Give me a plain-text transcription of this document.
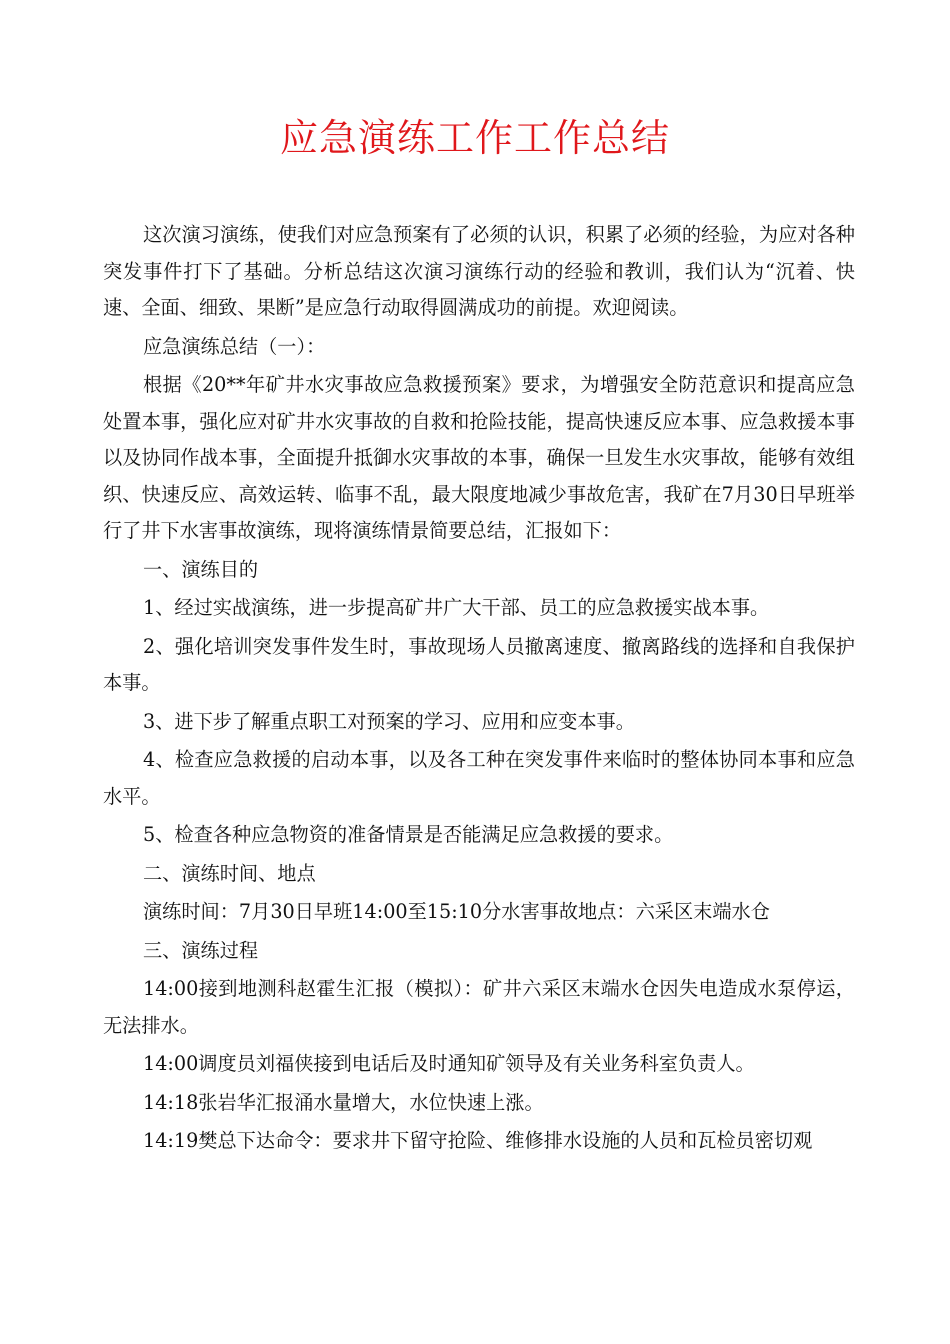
应急演练工作工作总结

这次演习演练，使我们对应急预案有了必须的认识，积累了必须的经验，为应对各种突发事件打下了基础。分析总结这次演习演练行动的经验和教训，我们认为“沉着、快速、全面、细致、果断”是应急行动取得圆满成功的前提。欢迎阅读。

应急演练总结（一）：

根据《20**年矿井水灾事故应急救援预案》要求，为增强安全防范意识和提高应急处置本事，强化应对矿井水灾事故的自救和抢险技能，提高快速反应本事、应急救援本事以及协同作战本事，全面提升抵御水灾事故的本事，确保一旦发生水灾事故，能够有效组织、快速反应、高效运转、临事不乱，最大限度地减少事故危害，我矿在7月30日早班举行了井下水害事故演练，现将演练情景简要总结，汇报如下：

一、演练目的

1、经过实战演练，进一步提高矿井广大干部、员工的应急救援实战本事。

2、强化培训突发事件发生时，事故现场人员撤离速度、撤离路线的选择和自我保护本事。

3、进下步了解重点职工对预案的学习、应用和应变本事。

4、检查应急救援的启动本事，以及各工种在突发事件来临时的整体协同本事和应急水平。

5、检查各种应急物资的准备情景是否能满足应急救援的要求。

二、演练时间、地点

演练时间：7月30日早班14:00至15:10分水害事故地点：六采区末端水仓

三、演练过程

14:00接到地测科赵霍生汇报（模拟）：矿井六采区末端水仓因失电造成水泵停运，无法排水。

14:00调度员刘福侠接到电话后及时通知矿领导及有关业务科室负责人。

14:18张岩华汇报涌水量增大，水位快速上涨。

14:19樊总下达命令：要求井下留守抢险、维修排水设施的人员和瓦检员密切观
